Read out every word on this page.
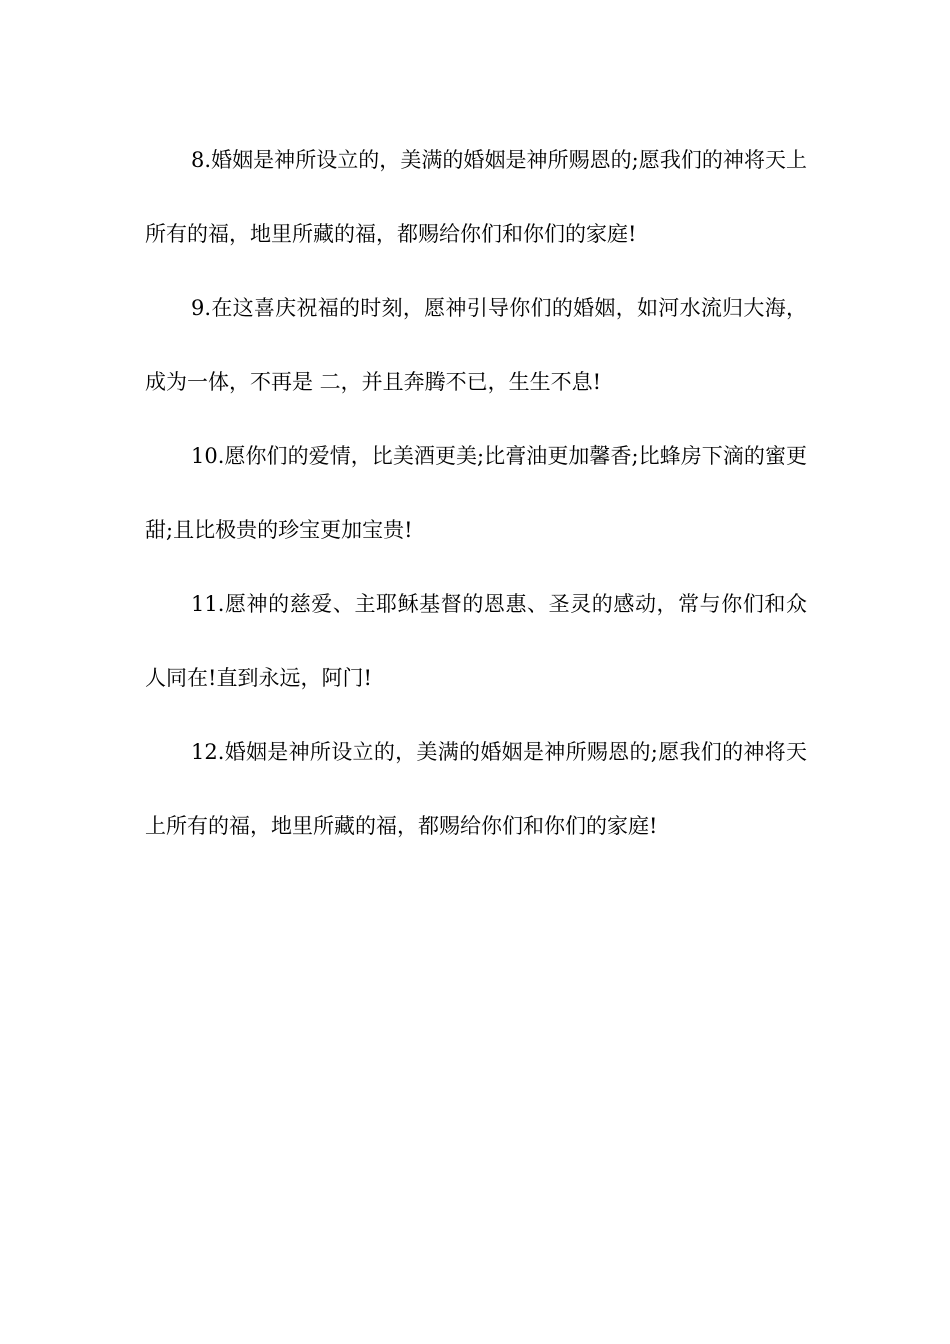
8.婚姻是神所设立的，美满的婚姻是神所赐恩的;愿我们的神将天上所有的福，地里所藏的福，都赐给你们和你们的家庭!

9.在这喜庆祝福的时刻，愿神引导你们的婚姻，如河水流归大海，成为一体，不再是 二，并且奔腾不已，生生不息!

10.愿你们的爱情，比美酒更美;比膏油更加馨香;比蜂房下滴的蜜更甜;且比极贵的珍宝更加宝贵!

11.愿神的慈爱、主耶稣基督的恩惠、圣灵的感动，常与你们和众人同在!直到永远，阿门!

12.婚姻是神所设立的，美满的婚姻是神所赐恩的;愿我们的神将天上所有的福，地里所藏的福，都赐给你们和你们的家庭!
